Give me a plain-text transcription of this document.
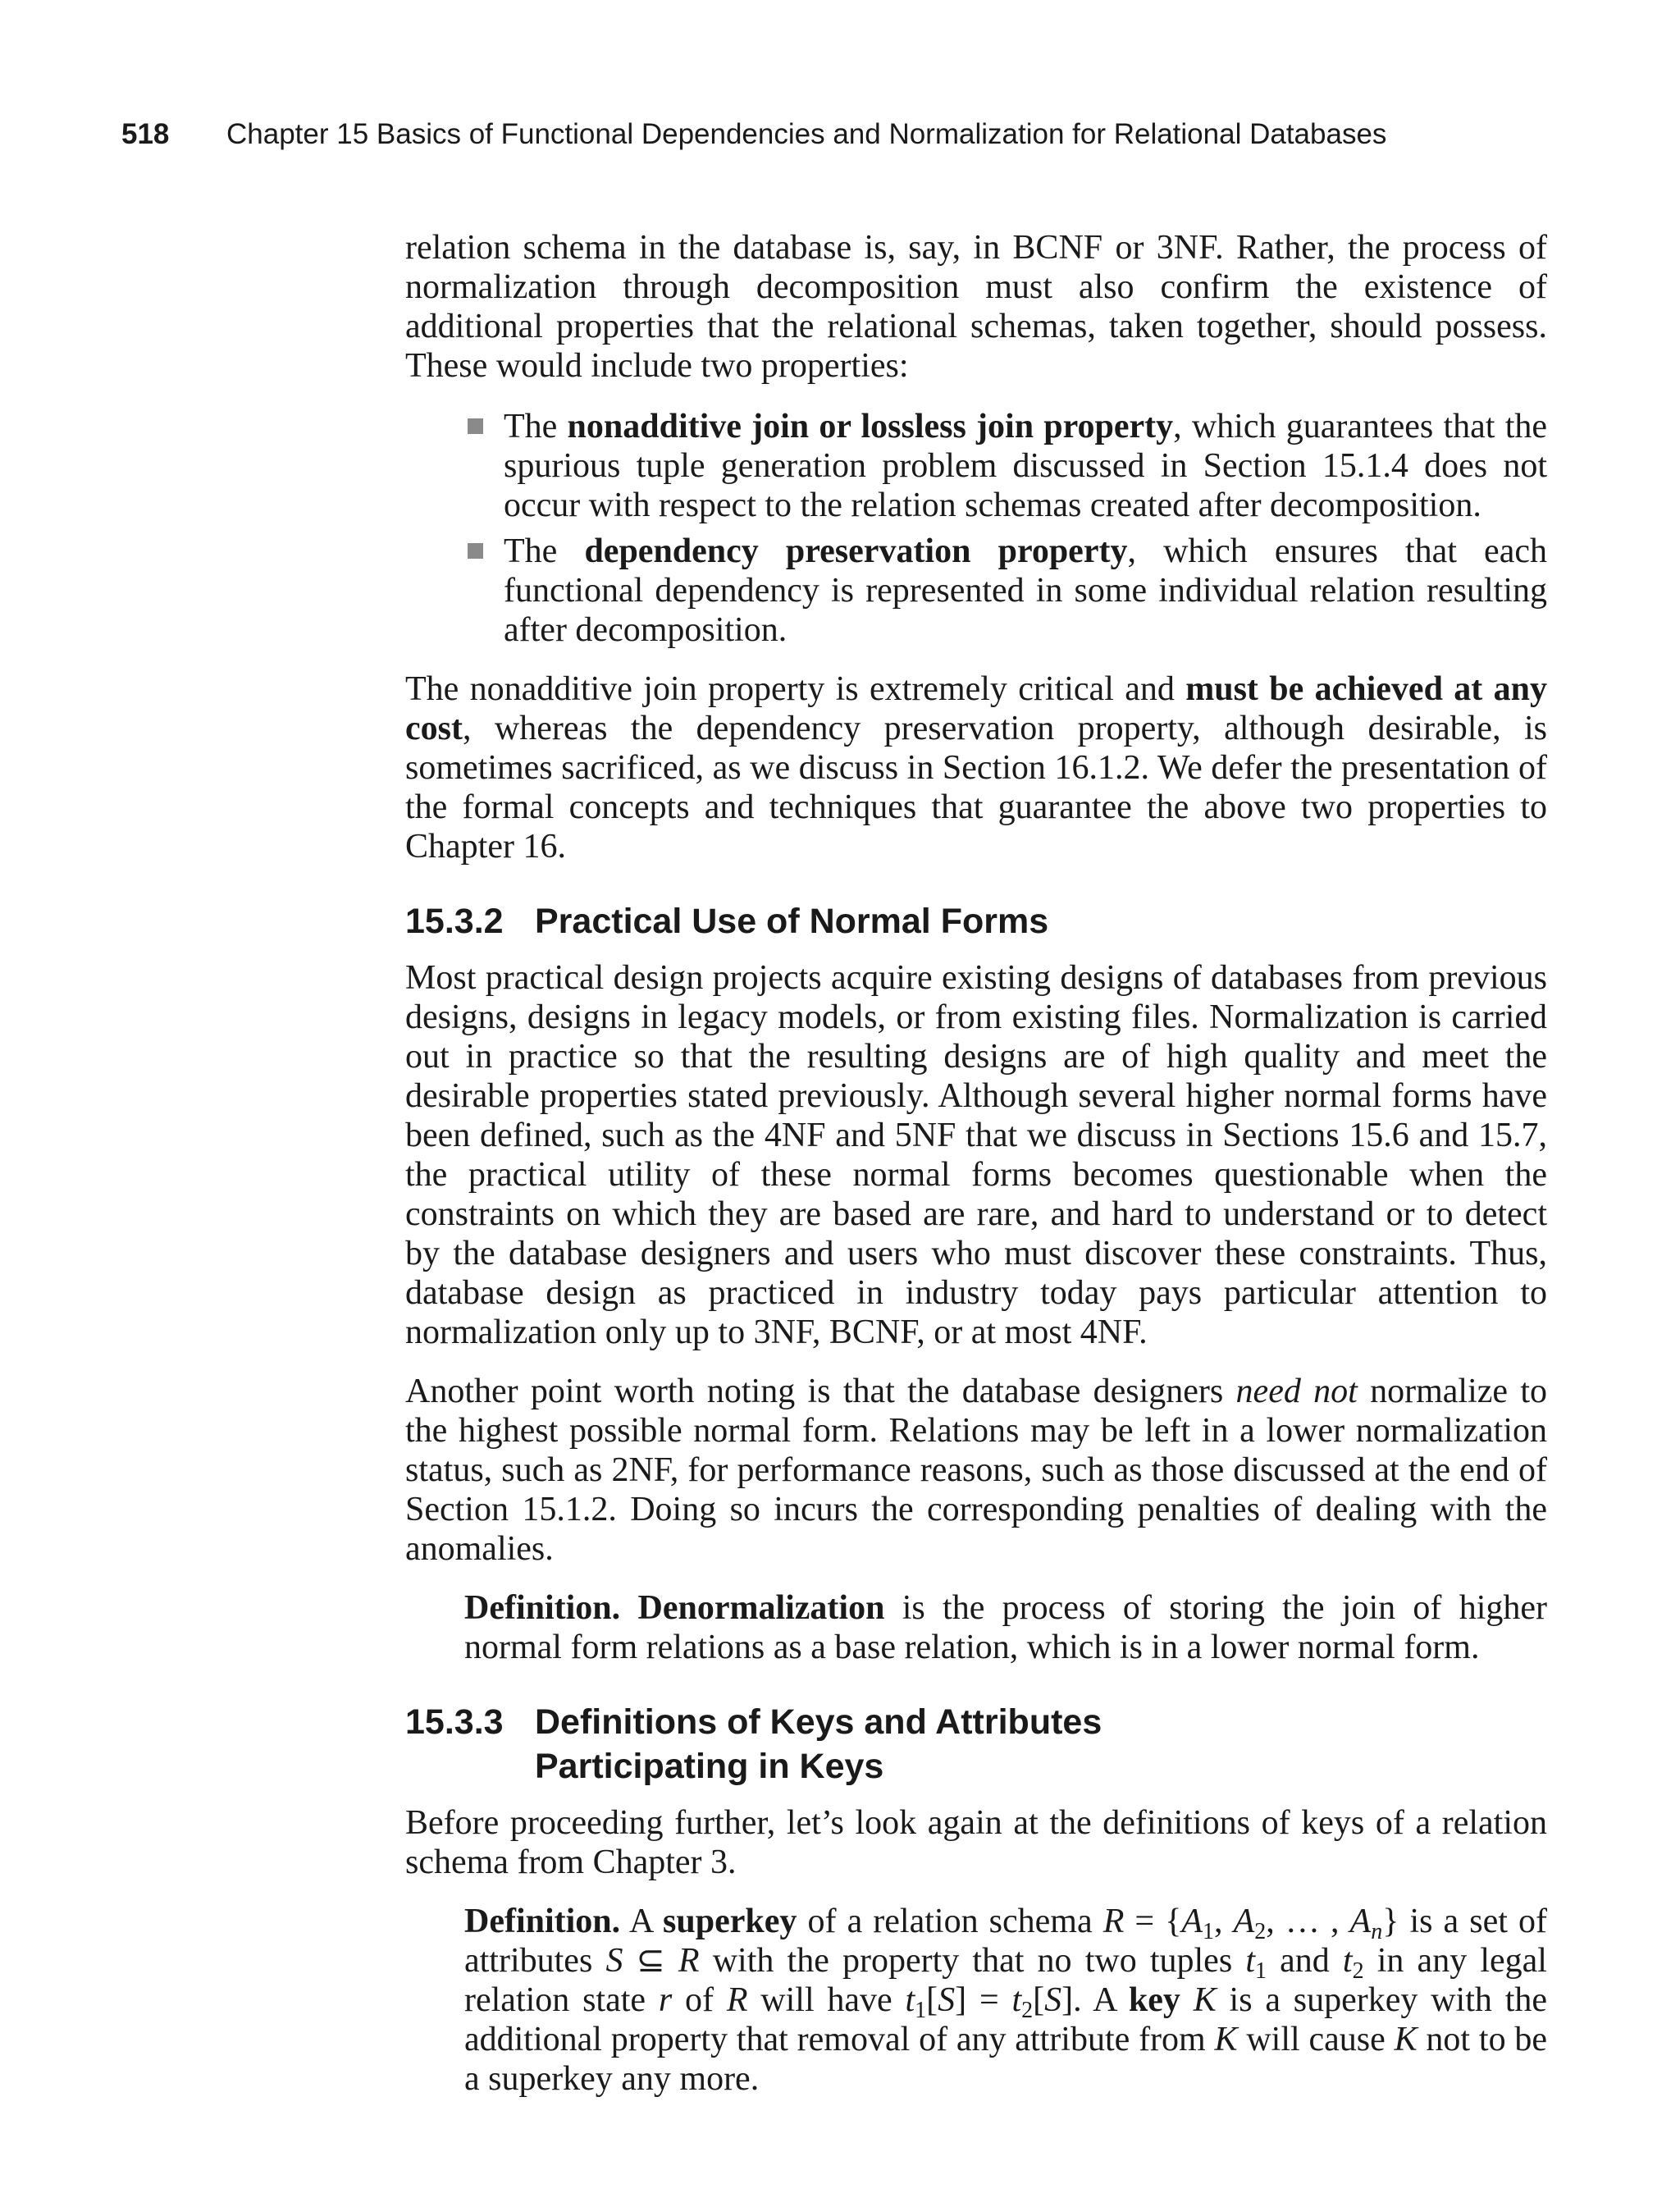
518 Chapter 15 Basics of Functional Dependencies and Normalization for Relational Databases

relation schema in the database is, say, in BCNF or 3NF. Rather, the process of normalization through decomposition must also confirm the existence of additional properties that the relational schemas, taken together, should possess. These would include two properties:

The nonadditive join or lossless join property, which guarantees that the spurious tuple generation problem discussed in Section 15.1.4 does not occur with respect to the relation schemas created after decomposition.
The dependency preservation property, which ensures that each functional dependency is represented in some individual relation resulting after decomposition.

The nonadditive join property is extremely critical and must be achieved at any cost, whereas the dependency preservation property, although desirable, is sometimes sacrificed, as we discuss in Section 16.1.2. We defer the presentation of the formal concepts and techniques that guarantee the above two properties to Chapter 16.

15.3.2 Practical Use of Normal Forms

Most practical design projects acquire existing designs of databases from previous designs, designs in legacy models, or from existing files. Normalization is carried out in practice so that the resulting designs are of high quality and meet the desirable properties stated previously. Although several higher normal forms have been defined, such as the 4NF and 5NF that we discuss in Sections 15.6 and 15.7, the practical utility of these normal forms becomes questionable when the constraints on which they are based are rare, and hard to understand or to detect by the database designers and users who must discover these constraints. Thus, database design as practiced in industry today pays particular attention to normalization only up to 3NF, BCNF, or at most 4NF.

Another point worth noting is that the database designers need not normalize to the highest possible normal form. Relations may be left in a lower normalization status, such as 2NF, for performance reasons, such as those discussed at the end of Section 15.1.2. Doing so incurs the corresponding penalties of dealing with the anomalies.

Definition. Denormalization is the process of storing the join of higher normal form relations as a base relation, which is in a lower normal form.

15.3.3 Definitions of Keys and Attributes
Participating in Keys

Before proceeding further, let’s look again at the definitions of keys of a relation schema from Chapter 3.

Definition. A superkey of a relation schema $R = \{A_1$, $A_2$, … , $A_n$} is a set of attributes S ⊆ R with the property that no two tuples $t_1$ and $t_2$ in any legal relation state r of R will have $t_1[S] = t_2[S]$. A key K is a superkey with the additional property that removal of any attribute from K will cause K not to be a superkey any more.
